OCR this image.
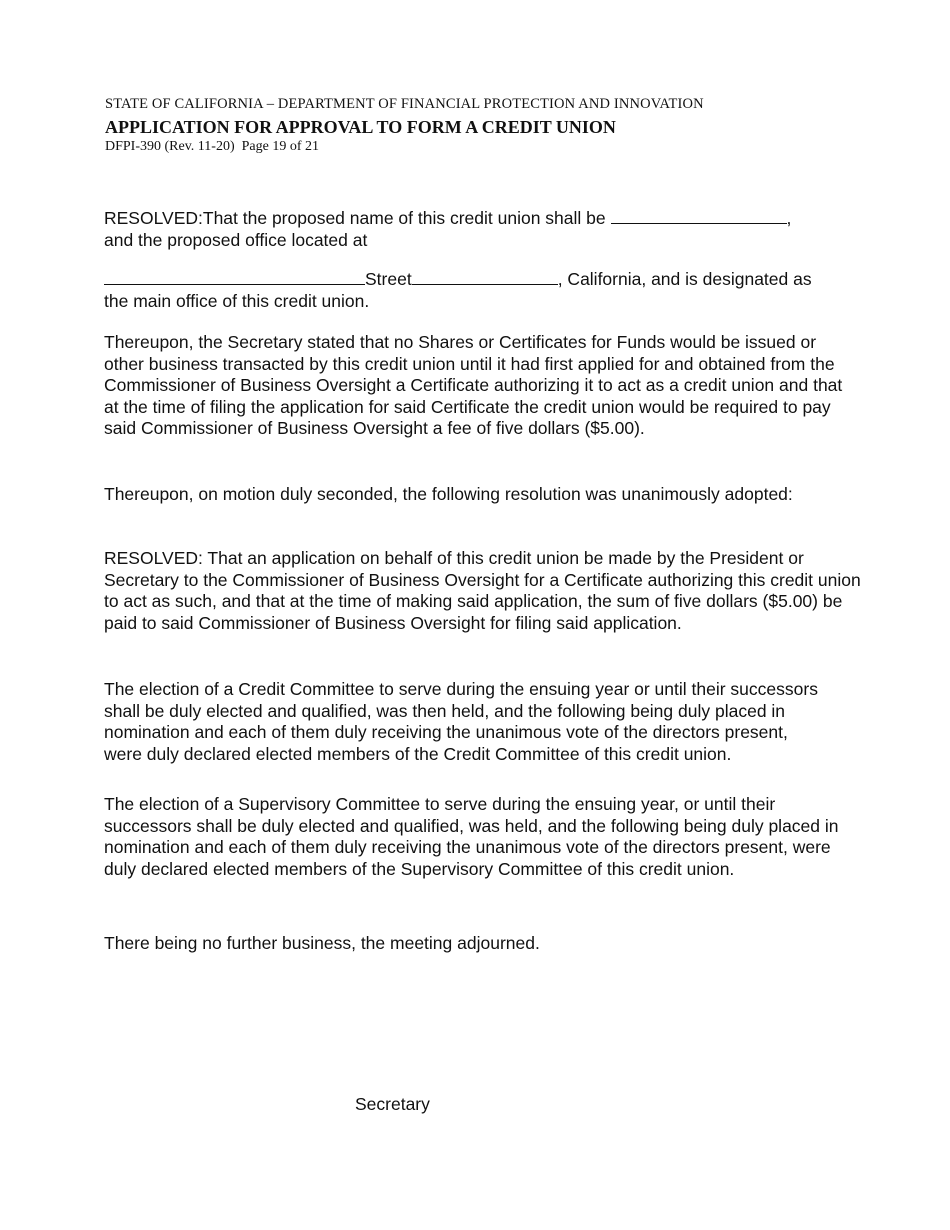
STATE OF CALIFORNIA – DEPARTMENT OF FINANCIAL PROTECTION AND INNOVATION
APPLICATION FOR APPROVAL TO FORM A CREDIT UNION
DFPI-390 (Rev. 11-20)  Page 19 of 21
RESOLVED:That the proposed name of this credit union shall be	,
and the proposed office located at
Street	, California, and is designated as
the main office of this credit union.

Thereupon, the Secretary stated that no Shares or Certificates for Funds would be issued or other business transacted by this credit union until it had first applied for and obtained from the Commissioner of Business Oversight a Certificate authorizing it to act as a credit union and that at the time of filing the application for said Certificate the credit union would be required to pay said Commissioner of Business Oversight a fee of five dollars ($5.00).

Thereupon, on motion duly seconded, the following resolution was unanimously adopted:

RESOLVED: That an application on behalf of this credit union be made by the President or Secretary to the Commissioner of Business Oversight for a Certificate authorizing this credit union to act as such, and that at the time of making said application, the sum of five dollars ($5.00) be paid to said Commissioner of Business Oversight for filing said application.

The election of a Credit Committee to serve during the ensuing year or until their successors shall be duly elected and qualified, was then held, and the following being duly placed in nomination and each of them duly receiving the unanimous vote of the directors present, were duly declared elected members of the Credit Committee of this credit union.

The election of a Supervisory Committee to serve during the ensuing year, or until their successors shall be duly elected and qualified, was held, and the following being duly placed in nomination and each of them duly receiving the unanimous vote of the directors present, were duly declared elected members of the Supervisory Committee of this credit union.

There being no further business, the meeting adjourned.

Secretary
